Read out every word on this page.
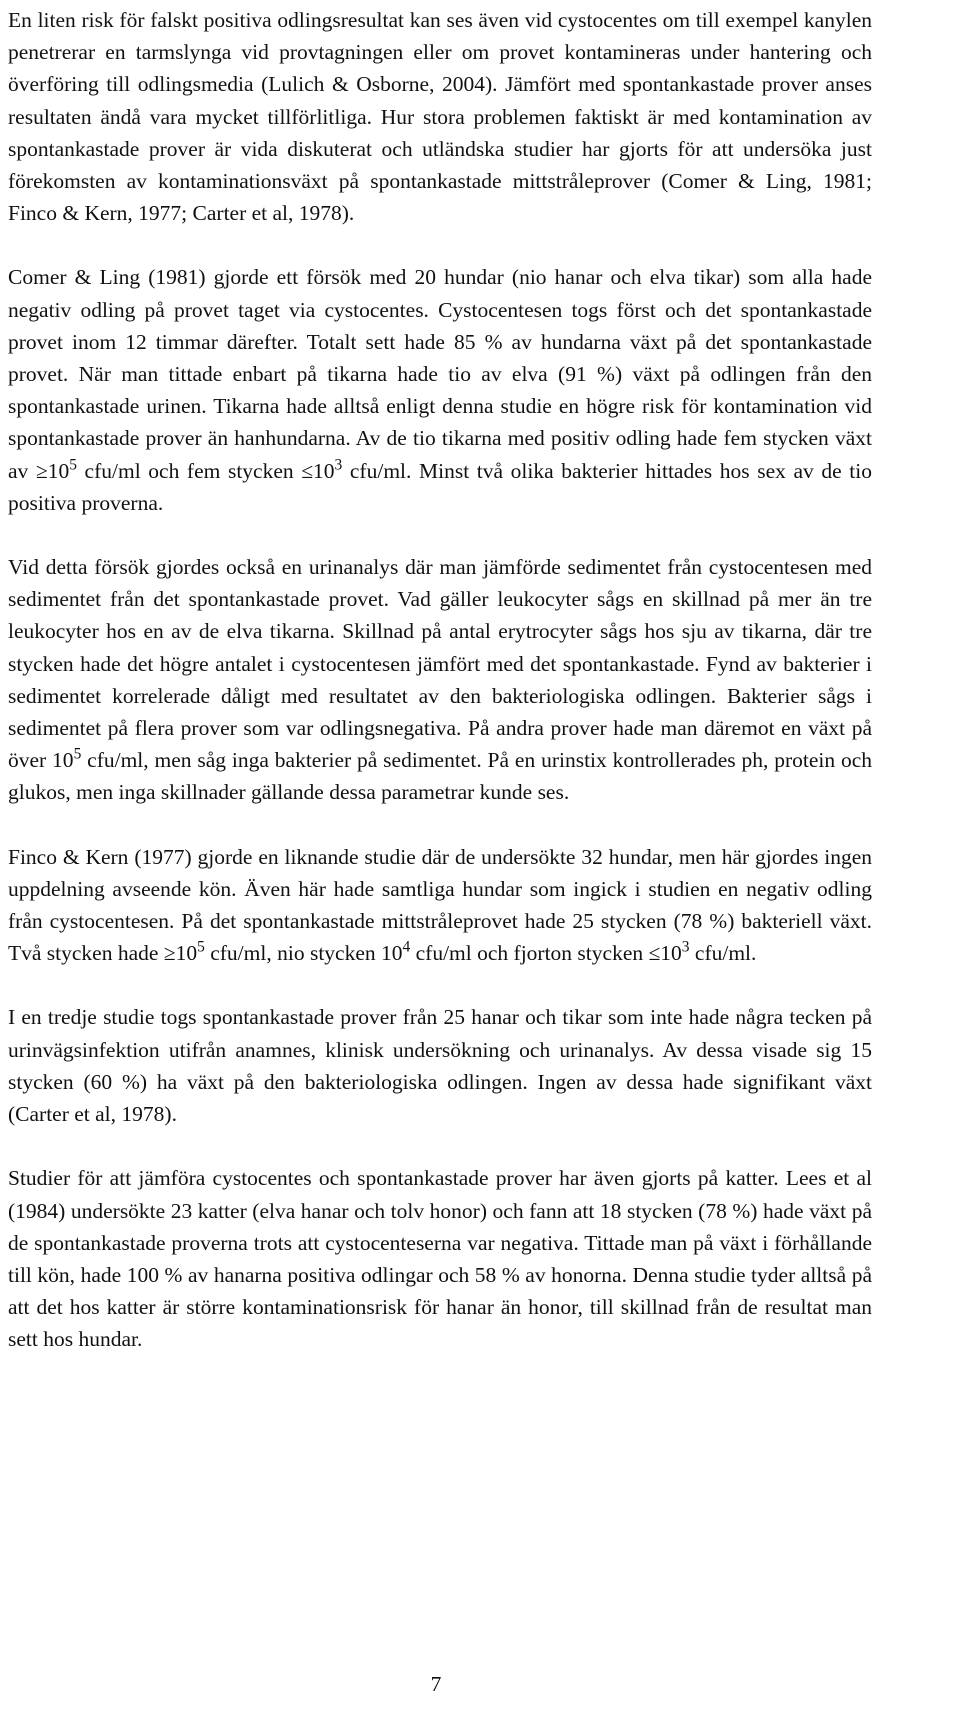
En liten risk för falskt positiva odlingsresultat kan ses även vid cystocentes om till exempel kanylen penetrerar en tarmslynga vid provtagningen eller om provet kontamineras under hantering och överföring till odlingsmedia (Lulich & Osborne, 2004). Jämfört med spontankastade prover anses resultaten ändå vara mycket tillförlitliga. Hur stora problemen faktiskt är med kontamination av spontankastade prover är vida diskuterat och utländska studier har gjorts för att undersöka just förekomsten av kontaminationsväxt på spontankastade mittstråleprover (Comer & Ling, 1981; Finco & Kern, 1977; Carter et al, 1978).

Comer & Ling (1981) gjorde ett försök med 20 hundar (nio hanar och elva tikar) som alla hade negativ odling på provet taget via cystocentes. Cystocentesen togs först och det spontankastade provet inom 12 timmar därefter. Totalt sett hade 85 % av hundarna växt på det spontankastade provet. När man tittade enbart på tikarna hade tio av elva (91 %) växt på odlingen från den spontankastade urinen. Tikarna hade alltså enligt denna studie en högre risk för kontamination vid spontankastade prover än hanhundarna. Av de tio tikarna med positiv odling hade fem stycken växt av $\ge 10^5$ cfu/ml och fem stycken $\le 10^3$ cfu/ml. Minst två olika bakterier hittades hos sex av de tio positiva proverna.

Vid detta försök gjordes också en urinanalys där man jämförde sedimentet från cystocentesen med sedimentet från det spontankastade provet. Vad gäller leukocyter sågs en skillnad på mer än tre leukocyter hos en av de elva tikarna. Skillnad på antal erytrocyter sågs hos sju av tikarna, där tre stycken hade det högre antalet i cystocentesen jämfört med det spontankastade. Fynd av bakterier i sedimentet korrelerade dåligt med resultatet av den bakteriologiska odlingen. Bakterier sågs i sedimentet på flera prover som var odlingsnegativa. På andra prover hade man däremot en växt på över $10^5$ cfu/ml, men såg inga bakterier på sedimentet. På en urinstix kontrollerades ph, protein och glukos, men inga skillnader gällande dessa parametrar kunde ses.

Finco & Kern (1977) gjorde en liknande studie där de undersökte 32 hundar, men här gjordes ingen uppdelning avseende kön. Även här hade samtliga hundar som ingick i studien en negativ odling från cystocentesen. På det spontankastade mittstråleprovet hade 25 stycken (78 %) bakteriell växt. Två stycken hade $\ge 10^5$ cfu/ml, nio stycken $10^4$ cfu/ml och fjorton stycken $\le 10^3$ cfu/ml.

I en tredje studie togs spontankastade prover från 25 hanar och tikar som inte hade några tecken på urinvägsinfektion utifrån anamnes, klinisk undersökning och urinanalys. Av dessa visade sig 15 stycken (60 %) ha växt på den bakteriologiska odlingen. Ingen av dessa hade signifikant växt (Carter et al, 1978).

Studier för att jämföra cystocentes och spontankastade prover har även gjorts på katter. Lees et al (1984) undersökte 23 katter (elva hanar och tolv honor) och fann att 18 stycken (78 %) hade växt på de spontankastade proverna trots att cystocenteserna var negativa. Tittade man på växt i förhållande till kön, hade 100 % av hanarna positiva odlingar och 58 % av honorna. Denna studie tyder alltså på att det hos katter är större kontaminationsrisk för hanar än honor, till skillnad från de resultat man sett hos hundar.

7
